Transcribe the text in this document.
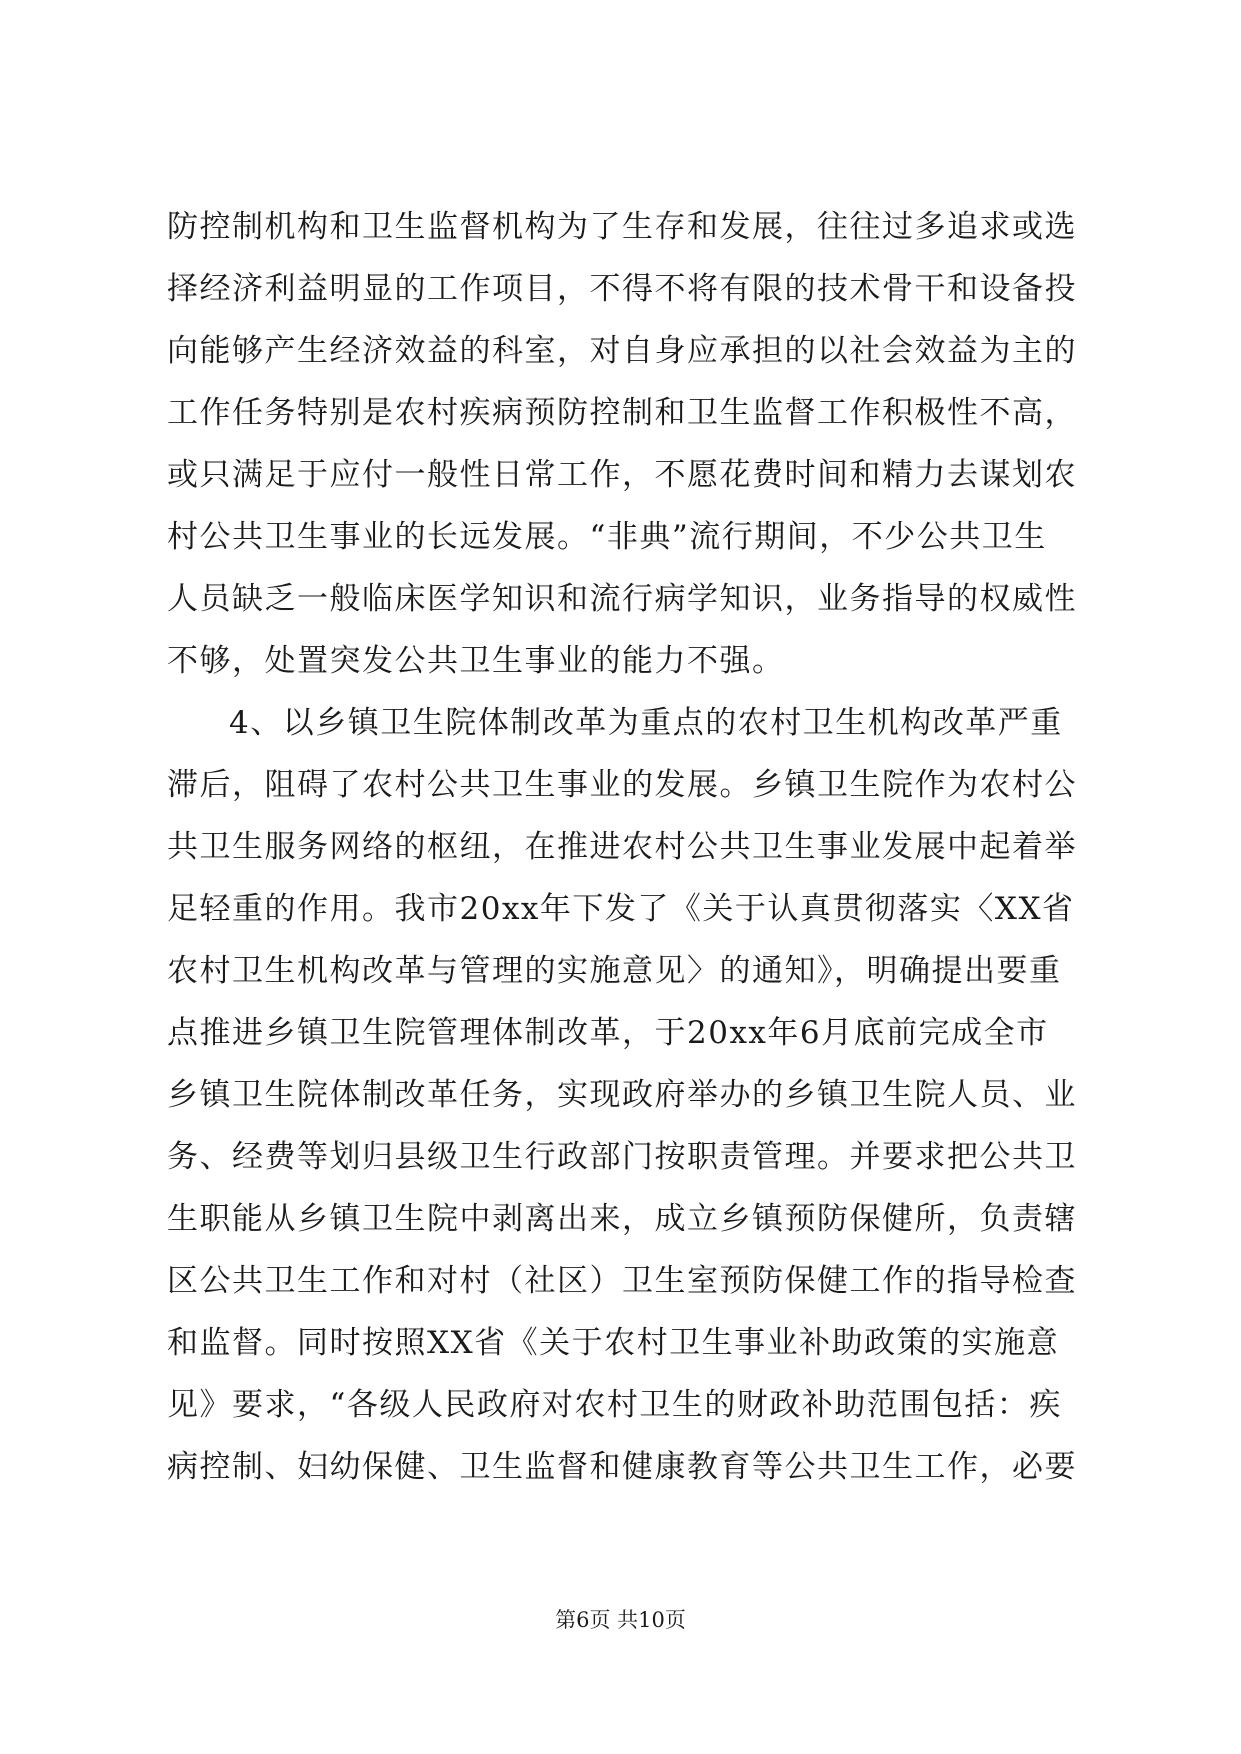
防控制机构和卫生监督机构为了生存和发展，往往过多追求或选
择经济利益明显的工作项目，不得不将有限的技术骨干和设备投
向能够产生经济效益的科室，对自身应承担的以社会效益为主的
工作任务特别是农村疾病预防控制和卫生监督工作积极性不高，
或只满足于应付一般性日常工作，不愿花费时间和精力去谋划农
村公共卫生事业的长远发展。“非典”流行期间，不少公共卫生
人员缺乏一般临床医学知识和流行病学知识，业务指导的权威性
不够，处置突发公共卫生事业的能力不强。
4、以乡镇卫生院体制改革为重点的农村卫生机构改革严重
滞后，阻碍了农村公共卫生事业的发展。乡镇卫生院作为农村公
共卫生服务网络的枢纽，在推进农村公共卫生事业发展中起着举
足轻重的作用。我市20xx年下发了《关于认真贯彻落实〈XX省
农村卫生机构改革与管理的实施意见〉的通知》，明确提出要重
点推进乡镇卫生院管理体制改革，于20xx年6月底前完成全市
乡镇卫生院体制改革任务，实现政府举办的乡镇卫生院人员、业
务、经费等划归县级卫生行政部门按职责管理。并要求把公共卫
生职能从乡镇卫生院中剥离出来，成立乡镇预防保健所，负责辖
区公共卫生工作和对村（社区）卫生室预防保健工作的指导检查
和监督。同时按照XX省《关于农村卫生事业补助政策的实施意
见》要求，“各级人民政府对农村卫生的财政补助范围包括：疾
病控制、妇幼保健、卫生监督和健康教育等公共卫生工作，必要
第6页 共10页
